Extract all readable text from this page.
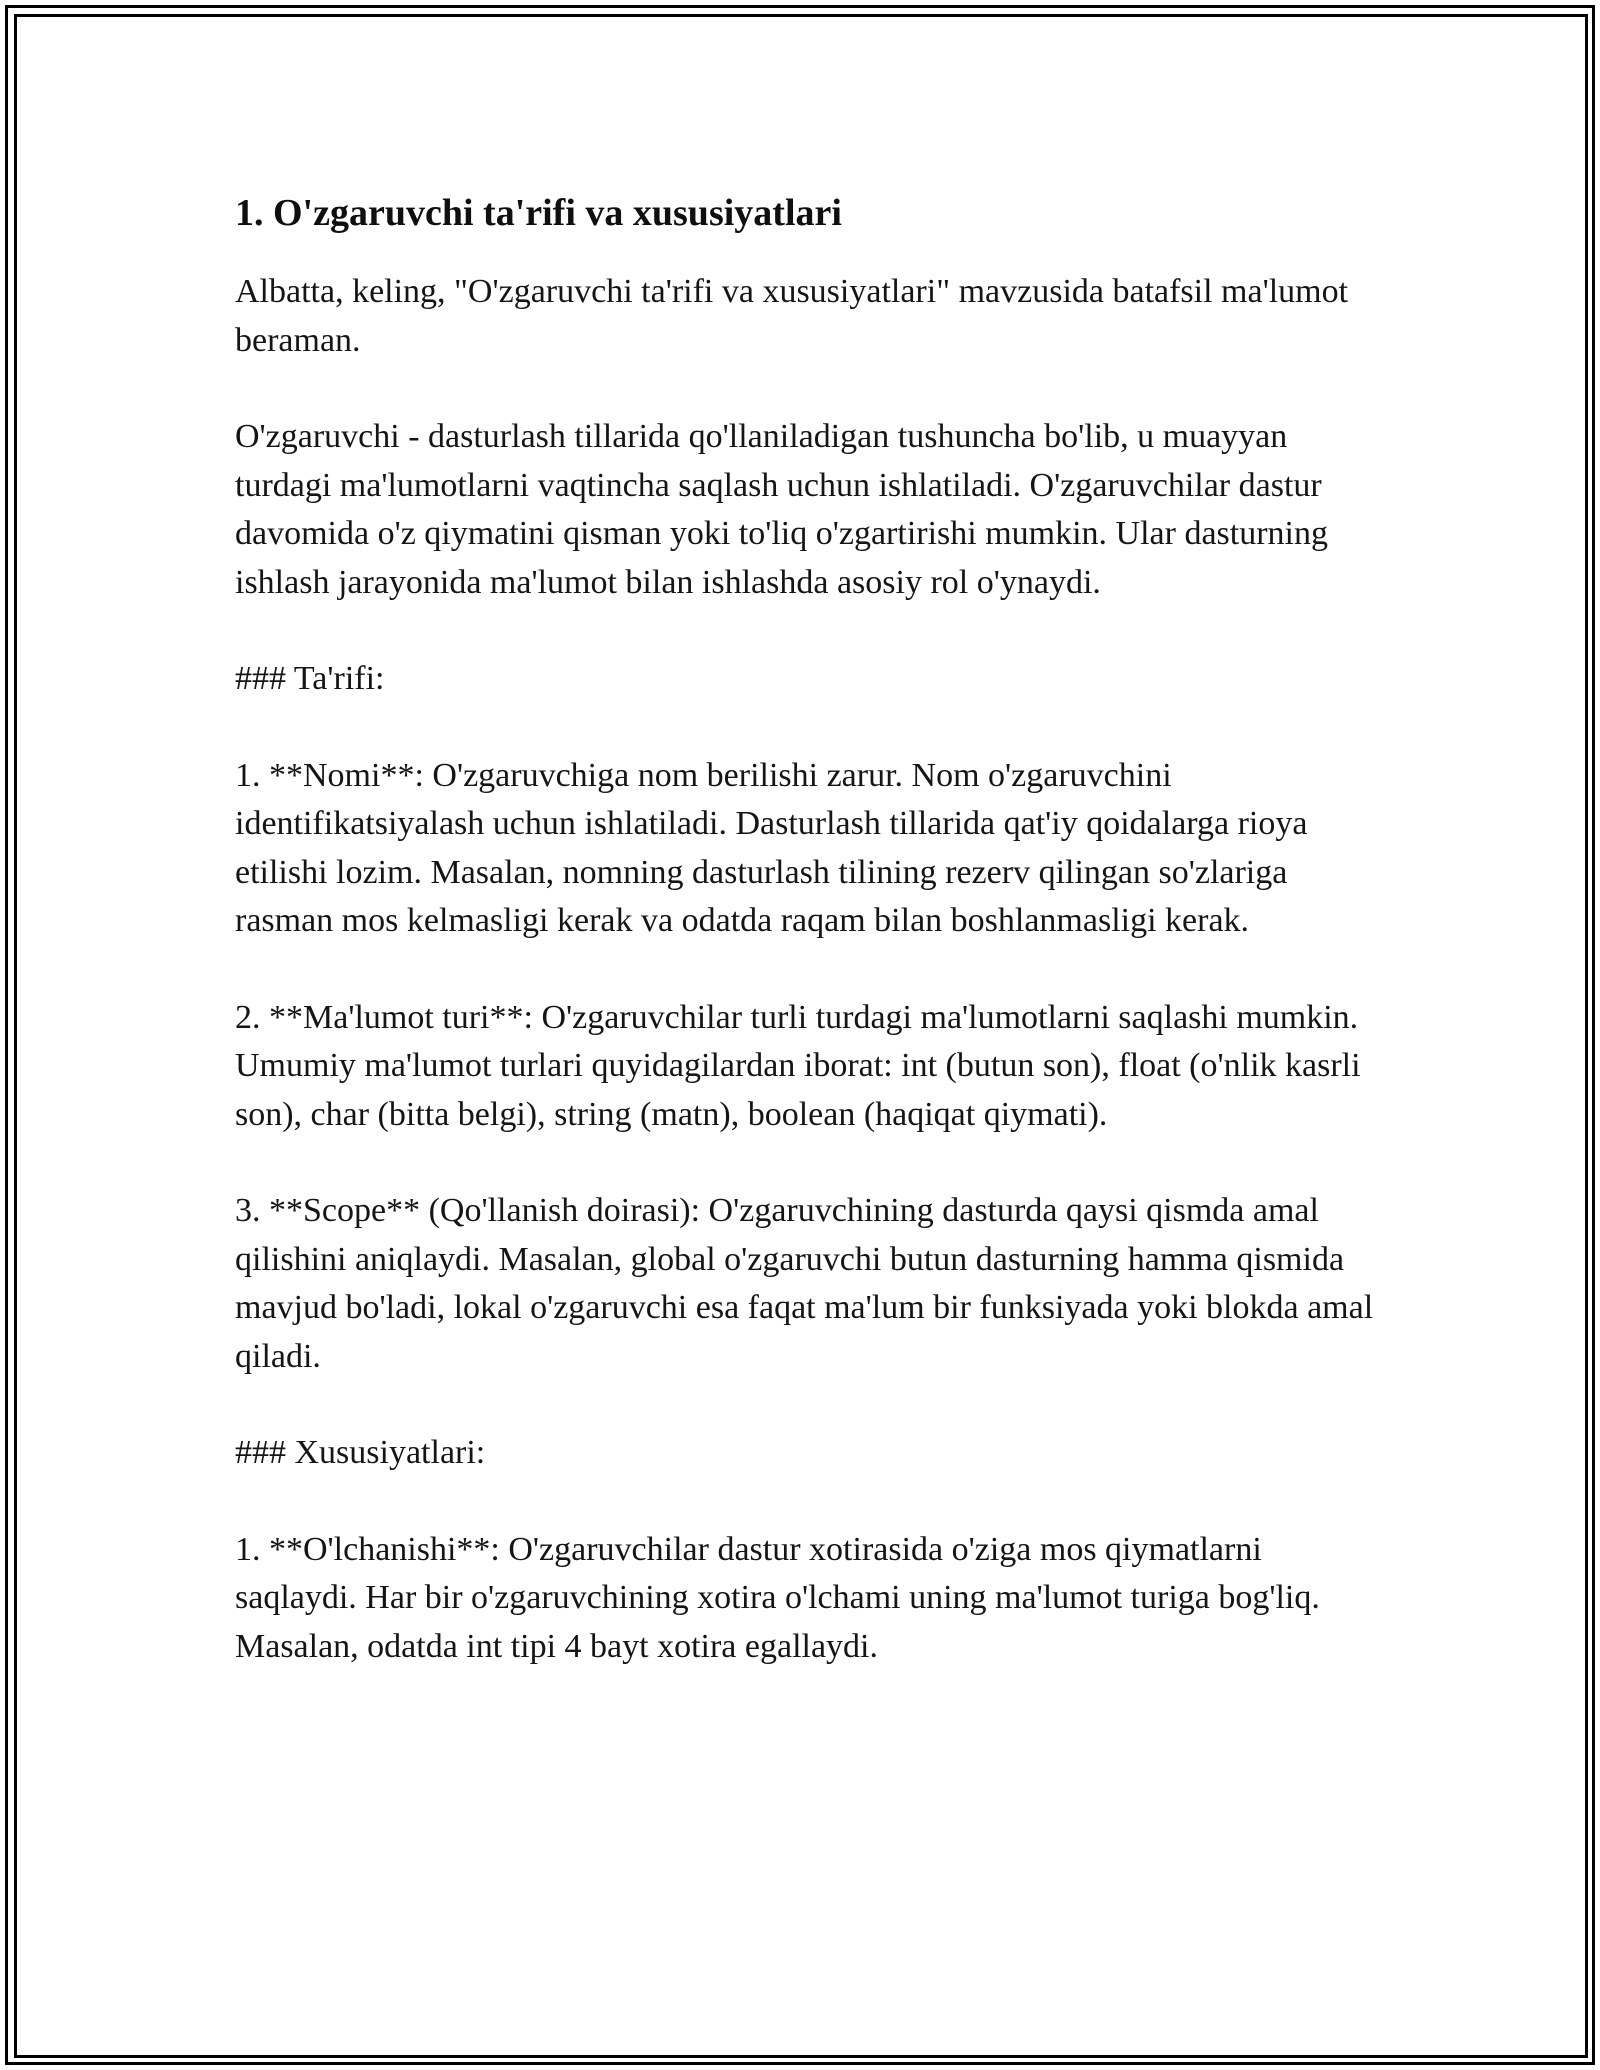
1. O'zgaruvchi ta'rifi va xususiyatlari

Albatta, keling, "O'zgaruvchi ta'rifi va xususiyatlari" mavzusida batafsil ma'lumot beraman.

O'zgaruvchi - dasturlash tillarida qo'llaniladigan tushuncha bo'lib, u muayyan turdagi ma'lumotlarni vaqtincha saqlash uchun ishlatiladi. O'zgaruvchilar dastur davomida o'z qiymatini qisman yoki to'liq o'zgartirishi mumkin. Ular dasturning ishlash jarayonida ma'lumot bilan ishlashda asosiy rol o'ynaydi.

### Ta'rifi:

1. **Nomi**: O'zgaruvchiga nom berilishi zarur. Nom o'zgaruvchini identifikatsiyalash uchun ishlatiladi. Dasturlash tillarida qat'iy qoidalarga rioya etilishi lozim. Masalan, nomning dasturlash tilining rezerv qilingan so'zlariga rasman mos kelmasligi kerak va odatda raqam bilan boshlanmasligi kerak.

2. **Ma'lumot turi**: O'zgaruvchilar turli turdagi ma'lumotlarni saqlashi mumkin. Umumiy ma'lumot turlari quyidagilardan iborat: int (butun son), float (o'nlik kasrli son), char (bitta belgi), string (matn), boolean (haqiqat qiymati).

3. **Scope** (Qo'llanish doirasi): O'zgaruvchining dasturda qaysi qismda amal qilishini aniqlaydi. Masalan, global o'zgaruvchi butun dasturning hamma qismida mavjud bo'ladi, lokal o'zgaruvchi esa faqat ma'lum bir funksiyada yoki blokda amal qiladi.

### Xususiyatlari:

1. **O'lchanishi**: O'zgaruvchilar dastur xotirasida o'ziga mos qiymatlarni saqlaydi. Har bir o'zgaruvchining xotira o'lchami uning ma'lumot turiga bog'liq. Masalan, odatda int tipi 4 bayt xotira egallaydi.
